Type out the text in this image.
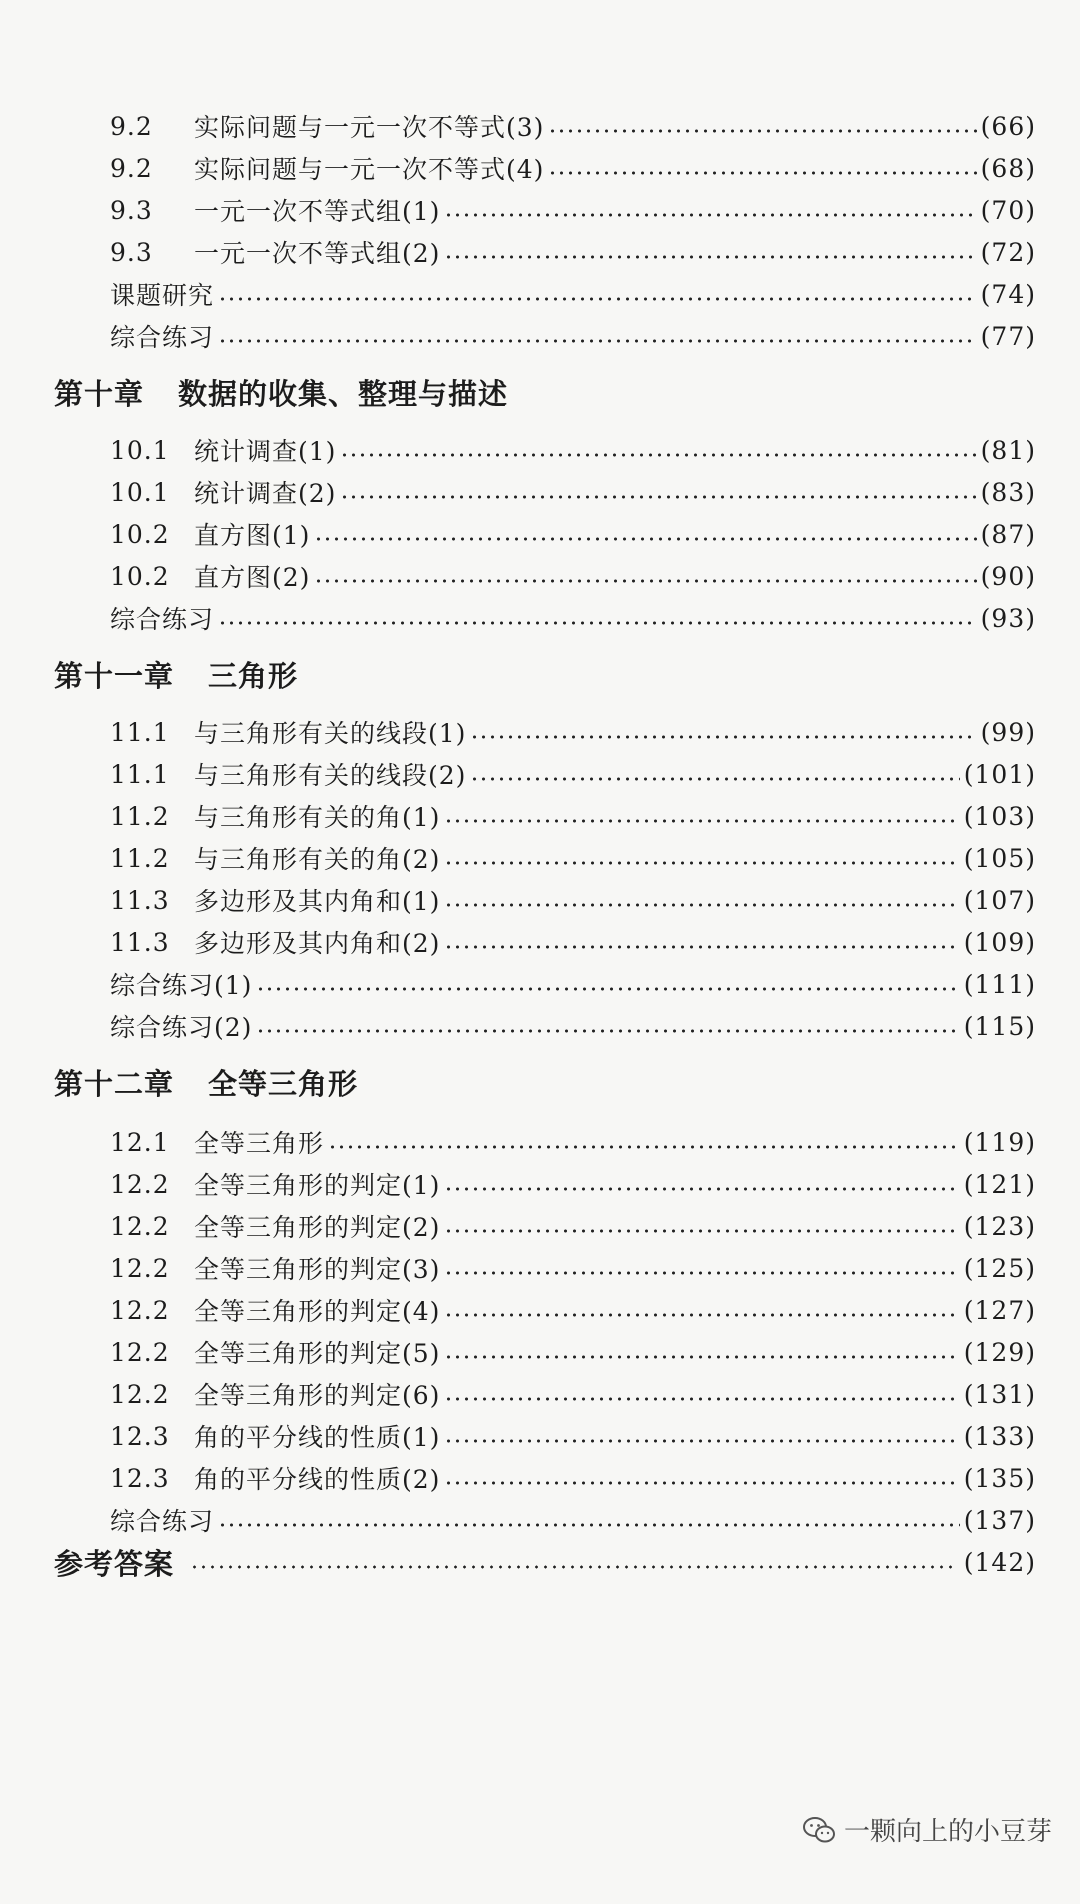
9.2	实际问题与一元一次不等式(3)	(66)
9.2	实际问题与一元一次不等式(4)	(68)
9.3	一元一次不等式组(1)	(70)
9.3	一元一次不等式组(2)	(72)
课题研究	(74)
综合练习	(77)
第十章 数据的收集、整理与描述
10.1 统计调查(1)	(81)
10.1 统计调查(2)	(83)
10.2 直方图(1)	(87)
10.2 直方图(2)	(90)
综合练习	(93)
第十一章 三角形
11.1 与三角形有关的线段(1)	(99)
11.1 与三角形有关的线段(2)	(101)
11.2 与三角形有关的角(1)	(103)
11.2 与三角形有关的角(2)	(105)
11.3 多边形及其内角和(1)	(107)
11.3 多边形及其内角和(2)	(109)
综合练习(1)	(111)
综合练习(2)	(115)
第十二章 全等三角形
12.1 全等三角形	(119)
12.2 全等三角形的判定(1)	(121)
12.2 全等三角形的判定(2)	(123)
12.2 全等三角形的判定(3)	(125)
12.2 全等三角形的判定(4)	(127)
12.2 全等三角形的判定(5)	(129)
12.2 全等三角形的判定(6)	(131)
12.3 角的平分线的性质(1)	(133)
12.3 角的平分线的性质(2)	(135)
综合练习	(137)
参考答案	(142)
一颗向上的小豆芽
